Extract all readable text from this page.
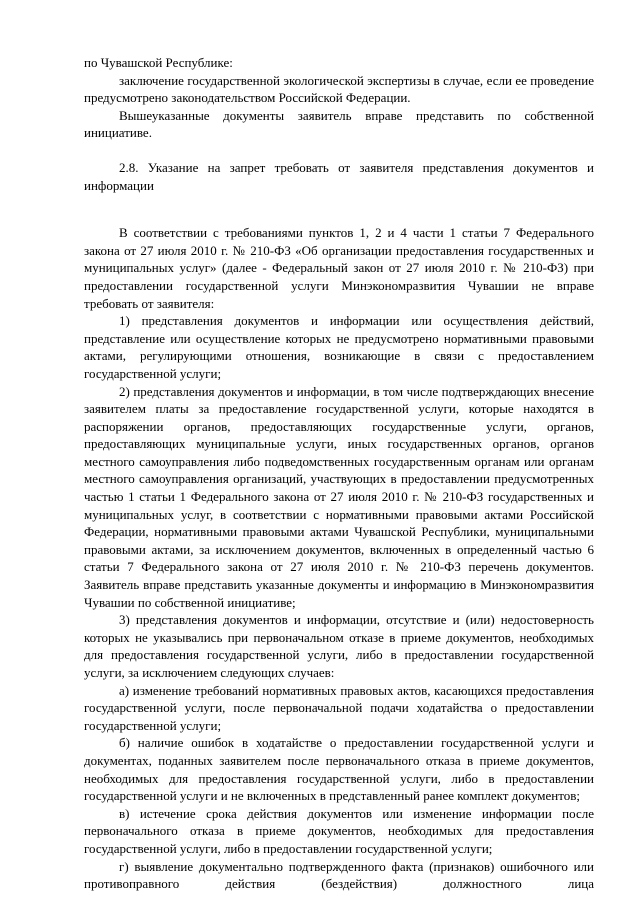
по Чувашской Республике:

заключение государственной экологической экспертизы в случае, если ее проведение предусмотрено законодательством Российской Федерации.

Вышеуказанные документы заявитель вправе представить по собственной инициативе.

2.8. Указание на запрет требовать от заявителя представления документов и информации

В соответствии с требованиями пунктов 1, 2 и 4 части 1 статьи 7 Федерального закона от 27 июля 2010 г. № 210-ФЗ «Об организации предоставления государственных и муниципальных услуг» (далее - Федеральный закон от 27 июля 2010 г. № 210-ФЗ) при предоставлении государственной услуги Минэкономразвития Чувашии не вправе требовать от заявителя:

1) представления документов и информации или осуществления действий, представление или осуществление которых не предусмотрено нормативными правовыми актами, регулирующими отношения, возникающие в связи с предоставлением государственной услуги;

2) представления документов и информации, в том числе подтверждающих внесение заявителем платы за предоставление государственной услуги, которые находятся в распоряжении органов, предоставляющих государственные услуги, органов, предоставляющих муниципальные услуги, иных государственных органов, органов местного самоуправления либо подведомственных государственным органам или органам местного самоуправления организаций, участвующих в предоставлении предусмотренных частью 1 статьи 1 Федерального закона от 27 июля 2010 г. № 210-ФЗ государственных и муниципальных услуг, в соответствии с нормативными правовыми актами Российской Федерации, нормативными правовыми актами Чувашской Республики, муниципальными правовыми актами, за исключением документов, включенных в определенный частью 6 статьи 7 Федерального закона от 27 июля 2010 г. № 210-ФЗ перечень документов. Заявитель вправе представить указанные документы и информацию в Минэкономразвития Чувашии по собственной инициативе;

3) представления документов и информации, отсутствие и (или) недостоверность которых не указывались при первоначальном отказе в приеме документов, необходимых для предоставления государственной услуги, либо в предоставлении государственной услуги, за исключением следующих случаев:

а) изменение требований нормативных правовых актов, касающихся предоставления государственной услуги, после первоначальной подачи ходатайства о предоставлении государственной услуги;

б) наличие ошибок в ходатайстве о предоставлении государственной услуги и документах, поданных заявителем после первоначального отказа в приеме документов, необходимых для предоставления государственной услуги, либо в предоставлении государственной услуги и не включенных в представленный ранее комплект документов;

в) истечение срока действия документов или изменение информации после первоначального отказа в приеме документов, необходимых для предоставления государственной услуги, либо в предоставлении государственной услуги;

г) выявление документально подтвержденного факта (признаков) ошибочного или противоправного действия (бездействия) должностного лица
